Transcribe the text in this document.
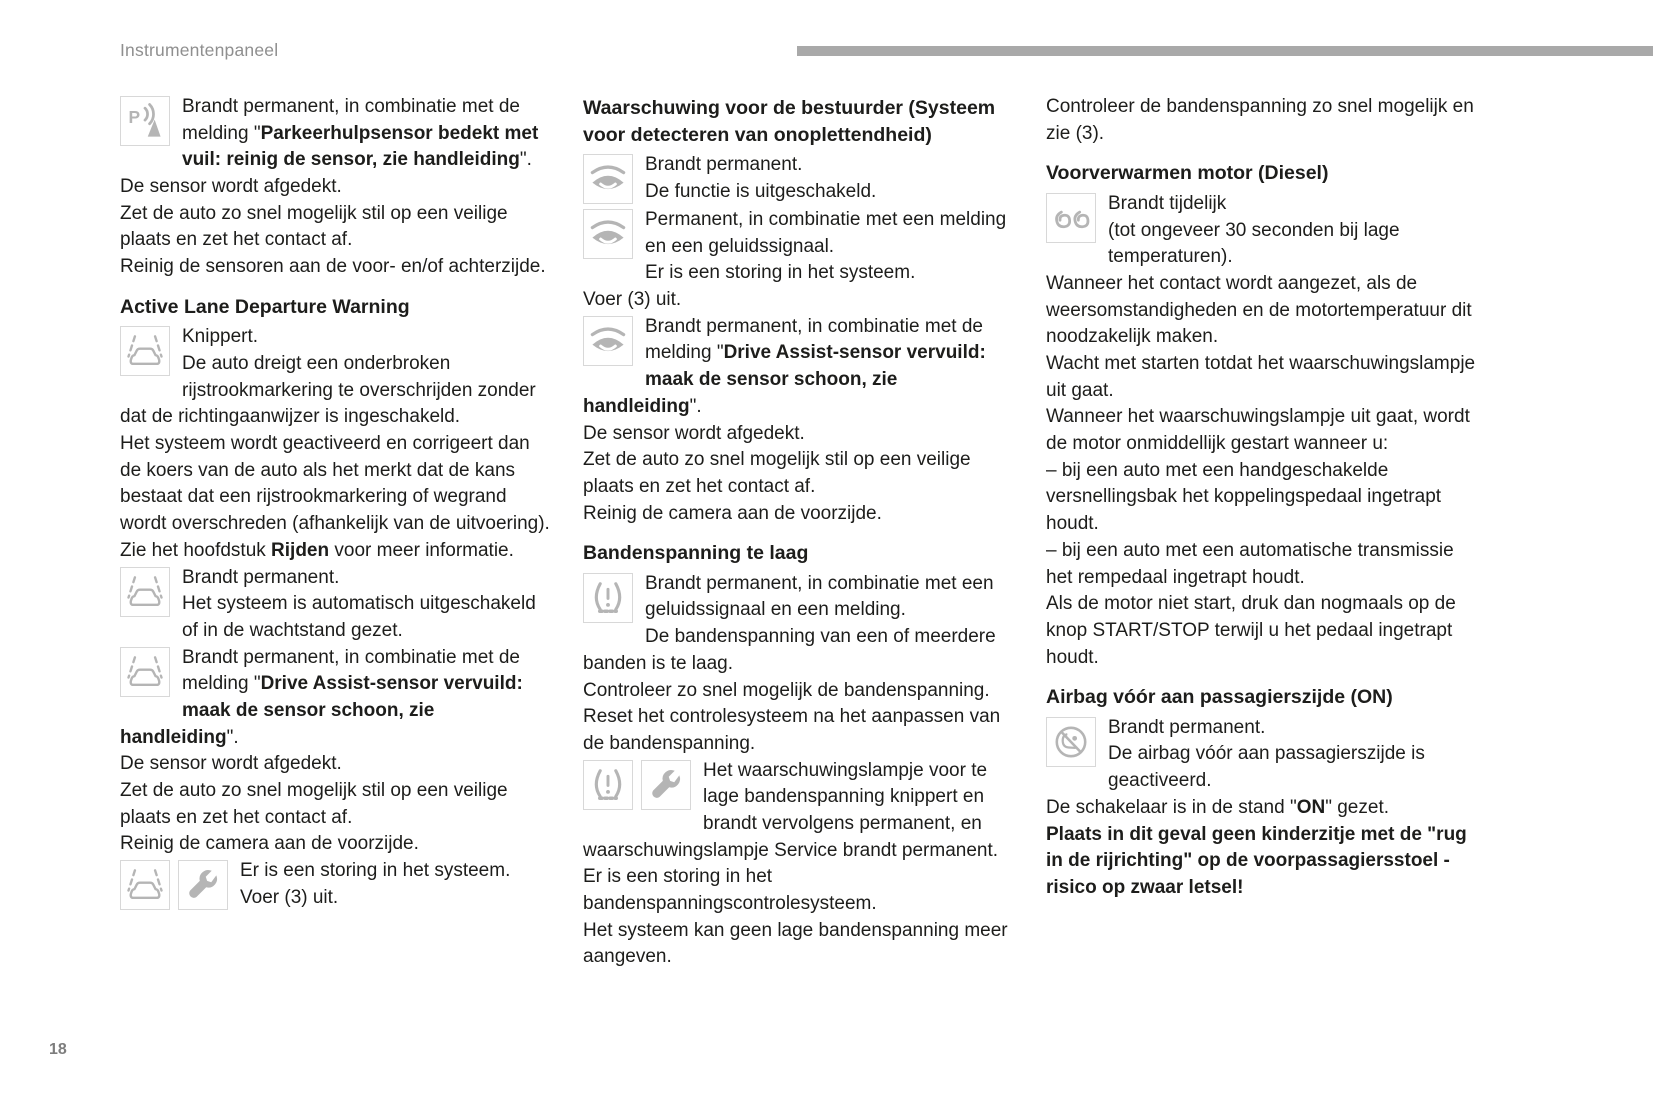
Instrumentenpaneel
P	Brandt permanent, in combinatie met de melding "Parkeerhulpsensor bedekt met vuil: reinig de sensor, zie handleiding".

De sensor wordt afgedekt.

Zet de auto zo snel mogelijk stil op een veilige plaats en zet het contact af.

Reinig de sensoren aan de voor- en/of achterzijde.

Active Lane Departure Warning

Knippert.

De auto dreigt een onderbroken rijstrookmarkering te overschrijden zonder dat de richtingaanwijzer is ingeschakeld.

Het systeem wordt geactiveerd en corrigeert dan de koers van de auto als het merkt dat de kans bestaat dat een rijstrookmarkering of wegrand wordt overschreden (afhankelijk van de uitvoering).

Zie het hoofdstuk Rijden voor meer informatie.

Brandt permanent.

Het systeem is automatisch uitgeschakeld of in de wachtstand gezet.

Brandt permanent, in combinatie met de melding "Drive Assist-sensor vervuild: maak de sensor schoon, zie handleiding".

De sensor wordt afgedekt.

Zet de auto zo snel mogelijk stil op een veilige plaats en zet het contact af.

Reinig de camera aan de voorzijde.

Er is een storing in het systeem.

Voer (3) uit.

Waarschuwing voor de bestuurder (Systeem voor detecteren van onoplettendheid)

Brandt permanent.

De functie is uitgeschakeld.

Permanent, in combinatie met een melding en een geluidssignaal.

Er is een storing in het systeem.

Voer (3) uit.

Brandt permanent, in combinatie met de melding "Drive Assist-sensor vervuild: maak de sensor schoon, zie handleiding".

De sensor wordt afgedekt.

Zet de auto zo snel mogelijk stil op een veilige plaats en zet het contact af.

Reinig de camera aan de voorzijde.

Bandenspanning te laag

Brandt permanent, in combinatie met een geluidssignaal en een melding.

De bandenspanning van een of meerdere banden is te laag.

Controleer zo snel mogelijk de bandenspanning.

Reset het controlesysteem na het aanpassen van de bandenspanning.

Het waarschuwingslampje voor te lage bandenspanning knippert en brandt vervolgens permanent, en waarschuwingslampje Service brandt permanent.

Er is een storing in het bandenspanningscontrolesysteem.

Het systeem kan geen lage bandenspanning meer aangeven.

Controleer de bandenspanning zo snel mogelijk en zie (3).

Voorverwarmen motor (Diesel)

Brandt tijdelijk

(tot ongeveer 30 seconden bij lage temperaturen).

Wanneer het contact wordt aangezet, als de weersomstandigheden en de motortemperatuur dit noodzakelijk maken.

Wacht met starten totdat het waarschuwingslampje uit gaat.

Wanneer het waarschuwingslampje uit gaat, wordt de motor onmiddellijk gestart wanneer u:

– bij een auto met een handgeschakelde versnellingsbak het koppelingspedaal ingetrapt houdt.

– bij een auto met een automatische transmissie het rempedaal ingetrapt houdt.

Als de motor niet start, druk dan nogmaals op de knop START/STOP terwijl u het pedaal ingetrapt houdt.

Airbag vóór aan passagierszijde (ON)

Brandt permanent.

De airbag vóór aan passagierszijde is geactiveerd.

De schakelaar is in de stand "ON" gezet.

Plaats in dit geval geen kinderzitje met de "rug in de rijrichting" op de voorpassagiersstoel - risico op zwaar letsel!

18
